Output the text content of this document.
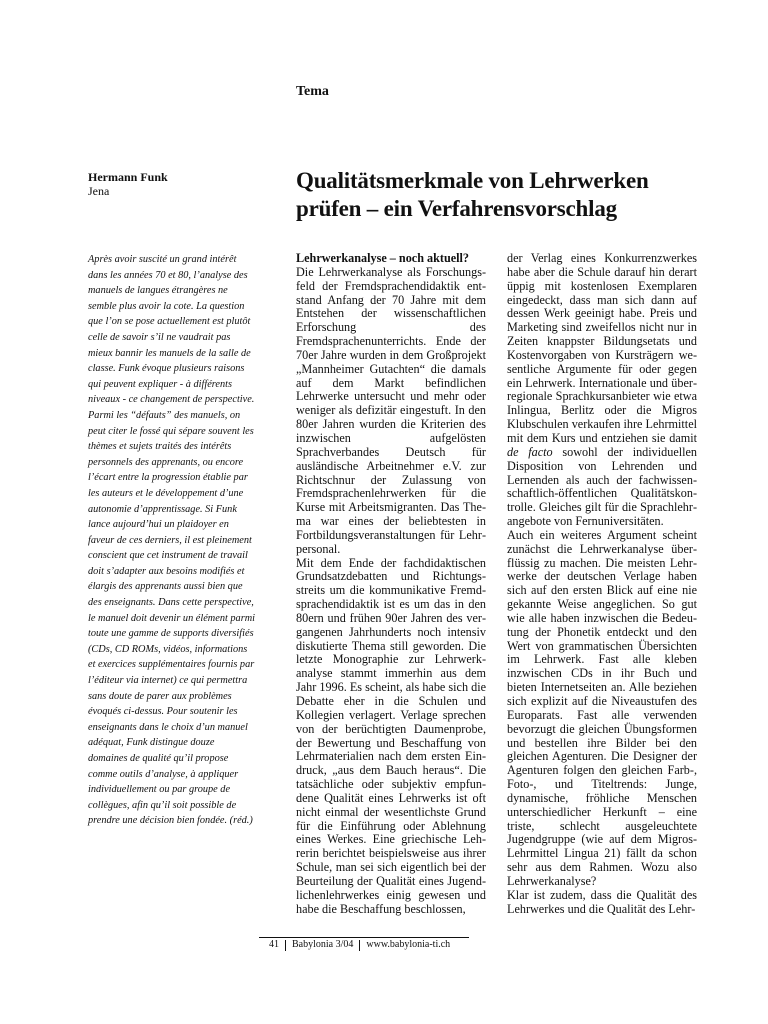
Tema
Hermann Funk
Jena	Qualitätsmerkmale von Lehrwerken prüfen – ein Verfahrensvorschlag

Après avoir suscité un grand intérêt dans les années 70 et 80, l’analyse des manuels de langues étrangères ne semble plus avoir la cote. La question que l’on se pose actuellement est plutôt celle de savoir s’il ne vaudrait pas mieux bannir les manuels de la salle de classe. Funk évoque plusieurs raisons qui peuvent expliquer - à différents niveaux - ce changement de perspective. Parmi les “défauts” des manuels, on peut citer le fossé qui sépare souvent les thèmes et sujets traités des intérêts personnels des apprenants, ou encore l’écart entre la progression établie par les auteurs et le développement d’une autonomie d’apprentissage. Si Funk lance aujourd’hui un plaidoyer en faveur de ces derniers, il est pleinement conscient que cet instrument de travail doit s’adapter aux besoins modifiés et élargis des apprenants aussi bien que des enseignants. Dans cette perspective, le manuel doit devenir un élément parmi toute une gamme de supports diversifiés (CDs, CD ROMs, vidéos, informations et exercices supplémentaires fournis par l’éditeur via internet) ce qui permettra sans doute de parer aux problèmes évoqués ci-dessus. Pour soutenir les enseignants dans le choix d’un manuel adéquat, Funk distingue douze domaines de qualité qu’il propose comme outils d’analyse, à appliquer individuellement ou par groupe de collègues, afin qu’il soit possible de prendre une décision bien fondée. (réd.)

Lehrwerkanalyse – noch aktuell?

Die Lehrwerkanalyse als Forschungsfeld der Fremdsprachendidaktik entstand Anfang der 70 Jahre mit dem Entstehen der wissenschaftlichen Erforschung des Fremdsprachenunterrichts. Ende der 70er Jahre wurden in dem Großprojekt „Mannheimer Gutachten“ die damals auf dem Markt befindlichen Lehrwerke untersucht und mehr oder weniger als defizitär eingestuft. In den 80er Jahren wurden die Kriterien des inzwischen aufgelösten Sprachverbandes Deutsch für ausländische Arbeitnehmer e.V. zur Richtschnur der Zulassung von Fremdsprachenlehrwerken für die Kurse mit Arbeitsmigranten. Das Thema war eines der beliebtesten in Fortbildungsveranstaltungen für Lehrpersonal.

Mit dem Ende der fachdidaktischen Grundsatzdebatten und Richtungsstreits um die kommunikative Fremdsprachendidaktik ist es um das in den 80ern und frühen 90er Jahren des vergangenen Jahrhunderts noch intensiv diskutierte Thema still geworden. Die letzte Monographie zur Lehrwerkanalyse stammt immerhin aus dem Jahr 1996. Es scheint, als habe sich die Debatte eher in die Schulen und Kollegien verlagert. Verlage sprechen von der berüchtigten Daumenprobe, der Bewertung und Beschaffung von Lehrmaterialien nach dem ersten Eindruck, „aus dem Bauch heraus“. Die tatsächliche oder subjektiv empfundene Qualität eines Lehrwerks ist oft nicht einmal der wesentlichste Grund für die Einführung oder Ablehnung eines Werkes. Eine griechische Lehrerin berichtet beispielsweise aus ihrer Schule, man sei sich eigentlich bei der Beurteilung der Qualität eines Jugendlichenlehrwerkes einig gewesen und habe die Beschaffung beschlossen,

der Verlag eines Konkurrenzwerkes habe aber die Schule darauf hin derart üppig mit kostenlosen Exemplaren eingedeckt, dass man sich dann auf dessen Werk geeinigt habe. Preis und Marketing sind zweifellos nicht nur in Zeiten knappster Bildungsetats und Kostenvorgaben von Kursträgern wesentliche Argumente für oder gegen ein Lehrwerk. Internationale und überregionale Sprachkursanbieter wie etwa Inlingua, Berlitz oder die Migros Klubschulen verkaufen ihre Lehrmittel mit dem Kurs und entziehen sie damit de facto sowohl der individuellen Disposition von Lehrenden und Lernenden als auch der fachwissenschaftlich-öffentlichen Qualitätskontrolle. Gleiches gilt für die Sprachlehrangebote von Fernuniversitäten.

Auch ein weiteres Argument scheint zunächst die Lehrwerkanalyse überflüssig zu machen. Die meisten Lehrwerke der deutschen Verlage haben sich auf den ersten Blick auf eine nie gekannte Weise angeglichen. So gut wie alle haben inzwischen die Bedeutung der Phonetik entdeckt und den Wert von grammatischen Übersichten im Lehrwerk. Fast alle kleben inzwischen CDs in ihr Buch und bieten Internetseiten an. Alle beziehen sich explizit auf die Niveaustufen des Europarats. Fast alle verwenden bevorzugt die gleichen Übungsformen und bestellen ihre Bilder bei den gleichen Agenturen. Die Designer der Agenturen folgen den gleichen Farb-, Foto-, und Titeltrends: Junge, dynamische, fröhliche Menschen unterschiedlicher Herkunft – eine triste, schlecht ausgeleuchtete Jugendgruppe (wie auf dem Migros-Lehrmittel Lingua 21) fällt da schon sehr aus dem Rahmen. Wozu also Lehrwerkanalyse?

Klar ist zudem, dass die Qualität des Lehrwerkes und die Qualität des Lehr-

41 Babylonia 3/04 www.babylonia-ti.ch
